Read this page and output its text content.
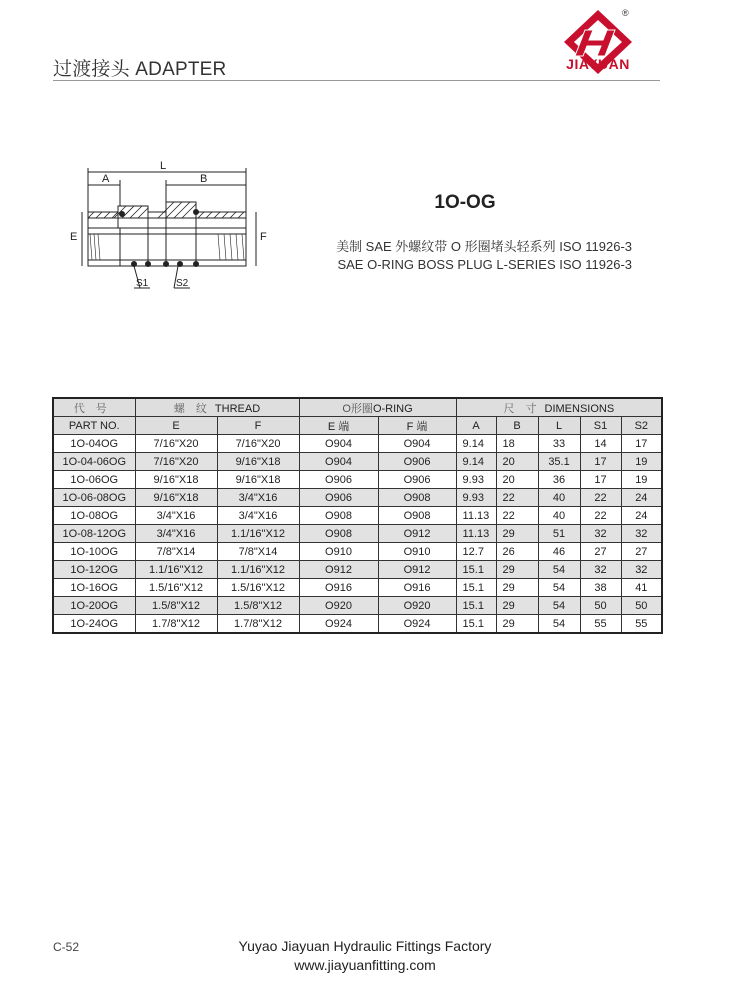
过渡接头 ADAPTER
®
JIAYUAN
L
A	B
E	F
S1	S2
1O-OG
美制 SAE 外螺纹带 O 形圈堵头轻系列 ISO 11926-3
SAE O-RING BOSS PLUG L-SERIES ISO 11926-3
代 号	螺 纹 THREAD		O形圈O-RING		尺 寸 DIMENSIONS				
PART NO.	E	F	E 端	F 端	A	B	L	S1	S2
1O-04OG	7/16"X20	7/16"X20	O904	O904	9.14	18	33	14	17
1O-04-06OG	7/16"X20	9/16"X18	O904	O906	9.14	20	35.1	17	19
1O-06OG	9/16"X18	9/16"X18	O906	O906	9.93	20	36	17	19
1O-06-08OG	9/16"X18	3/4"X16	O906	O908	9.93	22	40	22	24
1O-08OG	3/4"X16	3/4"X16	O908	O908	11.13	22	40	22	24
1O-08-12OG	3/4"X16	1.1/16"X12	O908	O912	11.13	29	51	32	32
1O-10OG	7/8"X14	7/8"X14	O910	O910	12.7	26	46	27	27
1O-12OG	1.1/16"X12	1.1/16"X12	O912	O912	15.1	29	54	32	32
1O-16OG	1.5/16"X12	1.5/16"X12	O916	O916	15.1	29	54	38	41
1O-20OG	1.5/8"X12	1.5/8"X12	O920	O920	15.1	29	54	50	50
1O-24OG	1.7/8"X12	1.7/8"X12	O924	O924	15.1	29	54	55	55
C-52	Yuyao Jiayuan Hydraulic Fittings Factory
www.jiayuanfitting.com
